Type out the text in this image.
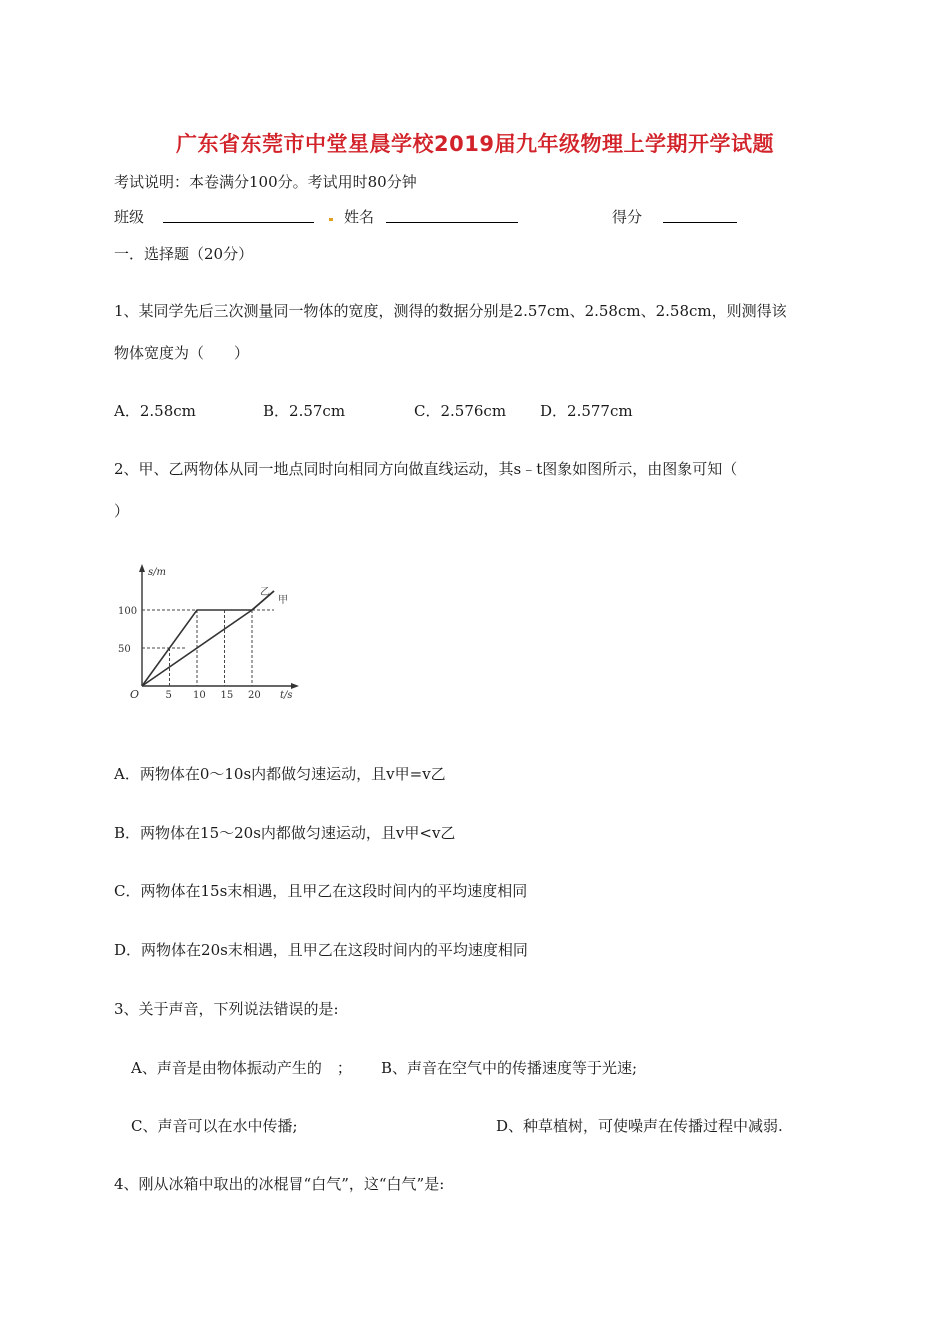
广东省东莞市中堂星晨学校2019届九年级物理上学期开学试题
考试说明：本卷满分100分。考试用时80分钟
班级	姓名	得分
一．选择题（20分）
1、某同学先后三次测量同一物体的宽度，测得的数据分别是2.57cm、2.58cm、2.58cm，则测得该
物体宽度为（　　）
A．2.58cm	B．2.57cm	C．2.576cm D．2.577cm
2、甲、乙两物体从同一地点同时向相同方向做直线运动，其s﹣t图象如图所示，由图象可知（
）
s/m
t/s
O
50
100
5 10 15 20
甲
乙
A．两物体在0～10s内都做匀速运动，且v甲=v乙
B．两物体在15～20s内都做匀速运动，且v甲<v乙
C．两物体在15s末相遇，且甲乙在这段时间内的平均速度相同
D．两物体在20s末相遇，且甲乙在这段时间内的平均速度相同
3、关于声音，下列说法错误的是:
A、声音是由物体振动产生的　； B、声音在空气中的传播速度等于光速;
C、声音可以在水中传播;	D、种草植树，可使噪声在传播过程中减弱.
4、刚从冰箱中取出的冰棍冒“白气”，这“白气”是:
